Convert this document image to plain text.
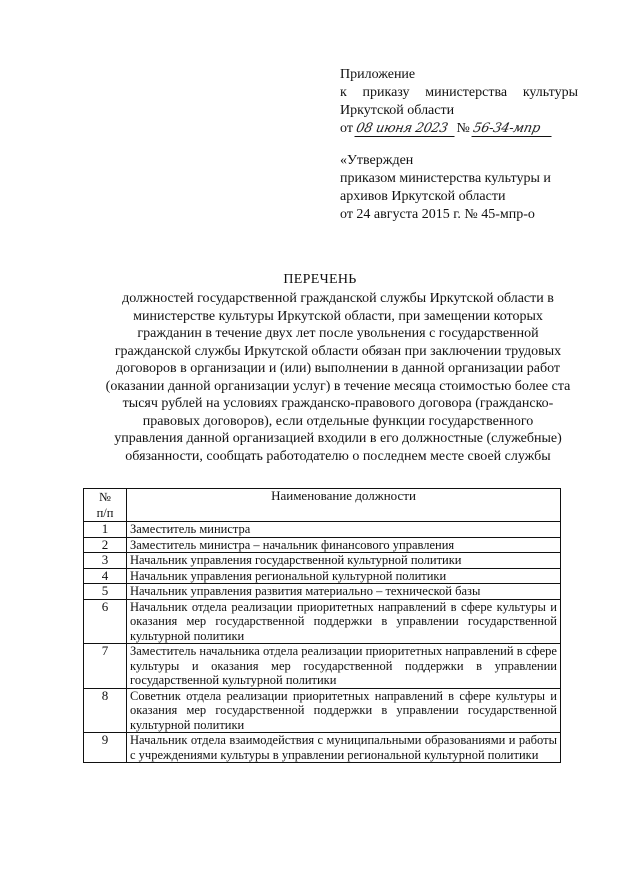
Приложение
к приказу министерства культуры
Иркутской области
от 08 июня 2023 № 56-34-мпр
«Утвержден
приказом министерства культуры и
архивов Иркутской области
от 24 августа 2015 г. № 45-мпр-о
ПЕРЕЧЕНЬ
должностей государственной гражданской службы Иркутской области в
министерстве культуры Иркутской области, при замещении которых
гражданин в течение двух лет после увольнения с государственной
гражданской службы Иркутской области обязан при заключении трудовых
договоров в организации и (или) выполнении в данной организации работ
(оказании данной организации услуг) в течение месяца стоимостью более ста
тысяч рублей на условиях гражданско-правового договора (гражданско-
правовых договоров), если отдельные функции государственного
управления данной организацией входили в его должностные (служебные)
обязанности, сообщать работодателю о последнем месте своей службы
№
п/п	Наименование должности
1	Заместитель министра
2	Заместитель министра – начальник финансового управления
3	Начальник управления государственной культурной политики
4	Начальник управления региональной культурной политики
5	Начальник управления развития материально – технической базы
6	Начальник отдела реализации приоритетных направлений в сфере культуры и оказания мер государственной поддержки в управлении государственной культурной политики
7	Заместитель начальника отдела реализации приоритетных направлений в сфере культуры и оказания мер государственной поддержки в управлении государственной культурной политики
8	Советник отдела реализации приоритетных направлений в сфере культуры и оказания мер государственной поддержки в управлении государственной культурной политики
9	Начальник отдела взаимодействия с муниципальными образованиями и работы с учреждениями культуры в управлении региональной культурной политики
